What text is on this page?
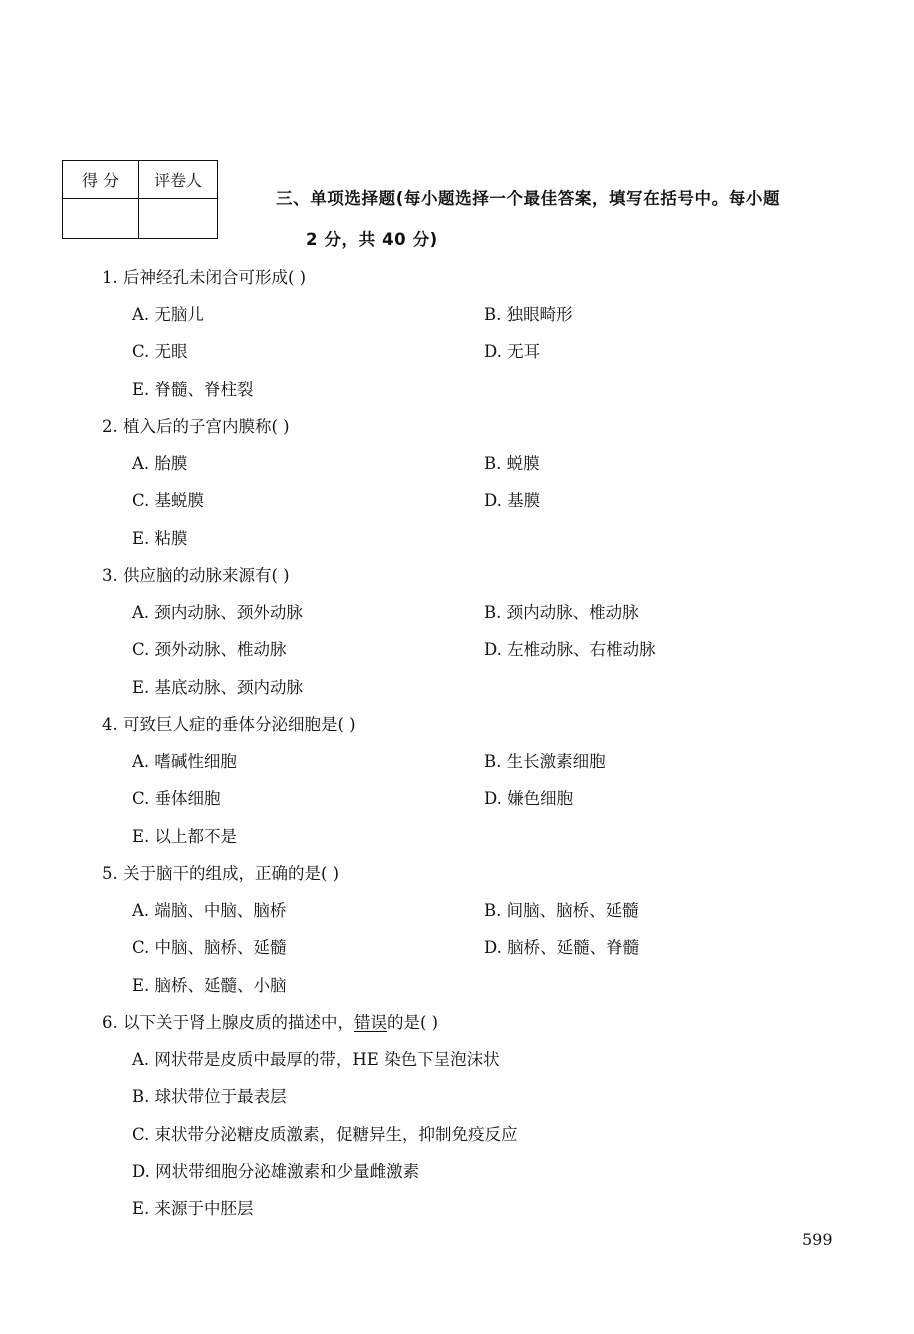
得 分	评卷人

三、单项选择题(每小题选择一个最佳答案，填写在括号中。每小题
2 分，共 40 分)
1. 后神经孔未闭合可形成( )
A. 无脑儿	B. 独眼畸形
C. 无眼	D. 无耳
E. 脊髓、脊柱裂
2. 植入后的子宫内膜称( )
A. 胎膜	B. 蜕膜
C. 基蜕膜	D. 基膜
E. 粘膜
3. 供应脑的动脉来源有( )
A. 颈内动脉、颈外动脉	B. 颈内动脉、椎动脉
C. 颈外动脉、椎动脉	D. 左椎动脉、右椎动脉
E. 基底动脉、颈内动脉
4. 可致巨人症的垂体分泌细胞是( )
A. 嗜碱性细胞	B. 生长激素细胞
C. 垂体细胞	D. 嫌色细胞
E. 以上都不是
5. 关于脑干的组成，正确的是( )
A. 端脑、中脑、脑桥	B. 间脑、脑桥、延髓
C. 中脑、脑桥、延髓	D. 脑桥、延髓、脊髓
E. 脑桥、延髓、小脑
6. 以下关于肾上腺皮质的描述中，错误的是( )
A. 网状带是皮质中最厚的带，HE 染色下呈泡沫状
B. 球状带位于最表层
C. 束状带分泌糖皮质激素，促糖异生，抑制免疫反应
D. 网状带细胞分泌雄激素和少量雌激素
E. 来源于中胚层
599
